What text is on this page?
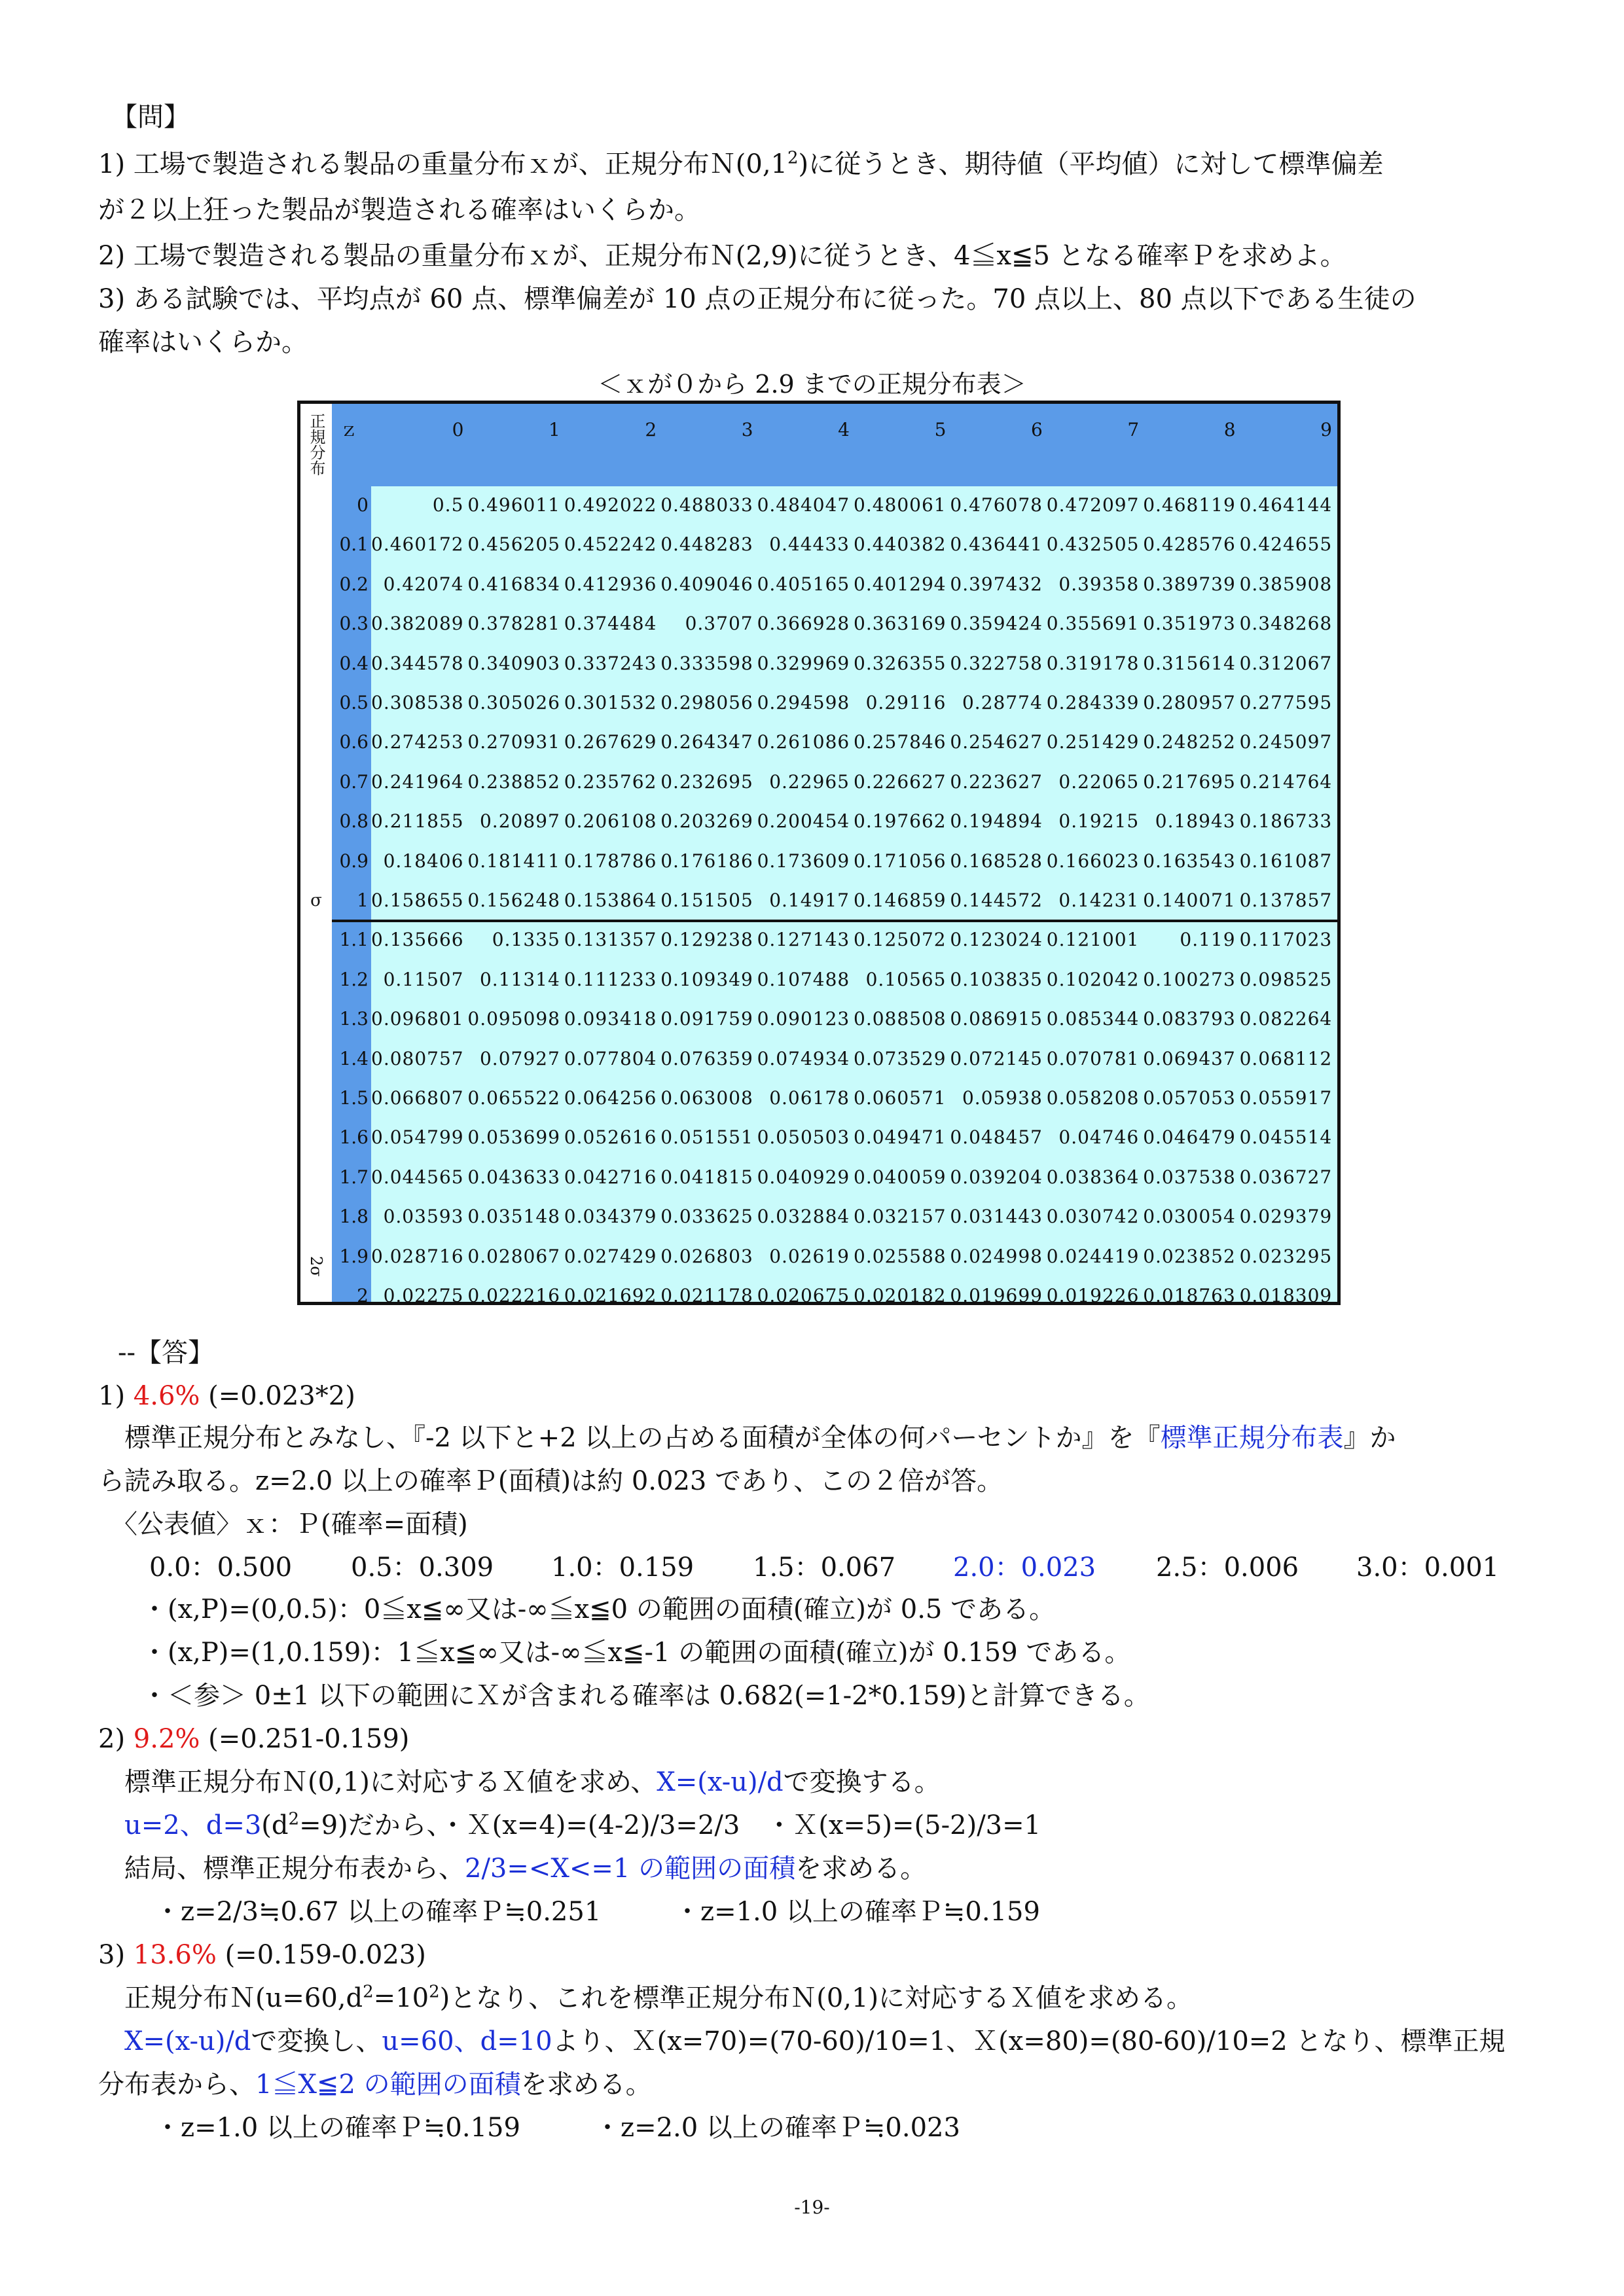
【問】
1) 工場で製造される製品の重量分布ｘが、正規分布$N(0,1^2)$に従うとき、期待値（平均値）に対して標準偏差
が２以上狂った製品が製造される確率はいくらか。
2) 工場で製造される製品の重量分布ｘが、正規分布Ｎ(2,9)に従うとき、4≦x≦5 となる確率Ｐを求めよ。
3) ある試験では、平均点が 60 点、標準偏差が 10 点の正規分布に従った。70 点以上、80 点以下である生徒の
確率はいくらか。
＜ｘが０から 2.9 までの正規分布表＞
正規分布
σ
2σ
ｚ	0	1	2	3	4	5	6	7	8	9
0	0.5 0.496011 0.492022 0.488033 0.484047 0.480061 0.476078 0.472097 0.468119 0.464144
0.1 0.460172 0.456205 0.452242 0.448283 0.44433 0.440382 0.436441 0.432505 0.428576 0.424655
0.2 0.42074 0.416834 0.412936 0.409046 0.405165 0.401294 0.397432 0.39358 0.389739 0.385908
0.3 0.382089 0.378281 0.374484	0.3707 0.366928 0.363169 0.359424 0.355691 0.351973 0.348268
0.4 0.344578 0.340903 0.337243 0.333598 0.329969 0.326355 0.322758 0.319178 0.315614 0.312067
0.5 0.308538 0.305026 0.301532 0.298056 0.294598 0.29116 0.28774 0.284339 0.280957 0.277595
0.6 0.274253 0.270931 0.267629 0.264347 0.261086 0.257846 0.254627 0.251429 0.248252 0.245097
0.7 0.241964 0.238852 0.235762 0.232695 0.22965 0.226627 0.223627 0.22065 0.217695 0.214764
0.8 0.211855 0.20897 0.206108 0.203269 0.200454 0.197662 0.194894 0.19215 0.18943 0.186733
0.9 0.18406 0.181411 0.178786 0.176186 0.173609 0.171056 0.168528 0.166023 0.163543 0.161087
1 0.158655 0.156248 0.153864 0.151505 0.14917 0.146859 0.144572 0.14231 0.140071 0.137857
1.1 0.135666	0.1335 0.131357 0.129238 0.127143 0.125072 0.123024 0.121001	0.119 0.117023
1.2 0.11507 0.11314 0.111233 0.109349 0.107488 0.10565 0.103835 0.102042 0.100273 0.098525
1.3 0.096801 0.095098 0.093418 0.091759 0.090123 0.088508 0.086915 0.085344 0.083793 0.082264
1.4 0.080757 0.07927 0.077804 0.076359 0.074934 0.073529 0.072145 0.070781 0.069437 0.068112
1.5 0.066807 0.065522 0.064256 0.063008 0.06178 0.060571 0.05938 0.058208 0.057053 0.055917
1.6 0.054799 0.053699 0.052616 0.051551 0.050503 0.049471 0.048457 0.04746 0.046479 0.045514
1.7 0.044565 0.043633 0.042716 0.041815 0.040929 0.040059 0.039204 0.038364 0.037538 0.036727
1.8 0.03593 0.035148 0.034379 0.033625 0.032884 0.032157 0.031443 0.030742 0.030054 0.029379
1.9 0.028716 0.028067 0.027429 0.026803 0.02619 0.025588 0.024998 0.024419 0.023852 0.023295
2 0.02275 0.022216 0.021692 0.021178 0.020675 0.020182 0.019699 0.019226 0.018763 0.018309
--【答】
1) 4.6% (=0.023*2)
　標準正規分布とみなし、『-2 以下と+2 以上の占める面積が全体の何パーセントか』を『標準正規分布表』か
ら読み取る。z=2.0 以上の確率Ｐ(面積)は約 0.023 であり、この２倍が答。
〈公表値〉ｘ：Ｐ(確率=面積)
0.0：0.500 0.5：0.309 1.0：0.159 1.5：0.067 2.0：0.023 2.5：0.006 3.0：0.001
・(x,P)=(0,0.5)：0≦x≦∞又は-∞≦x≦0 の範囲の面積(確立)が 0.5 である。
・(x,P)=(1,0.159)：1≦x≦∞又は-∞≦x≦-1 の範囲の面積(確立)が 0.159 である。
・＜参＞ 0±1 以下の範囲にＸが含まれる確率は 0.682(=1-2*0.159)と計算できる。
2) 9.2% (=0.251-0.159)
　標準正規分布Ｎ(0,1)に対応するＸ値を求め、X=(x-u)/dで変換する。
　u=2、$d=3(d^2=9)$だから、・Ｘ(x=4)=(4-2)/3=2/3　・Ｘ(x=5)=(5-2)/3=1
　結局、標準正規分布表から、2/3=<X<=1 の範囲の面積を求める。
・z=2/3≒0.67 以上の確率Ｐ≒0.251	・z=1.0 以上の確率Ｐ≒0.159
3) 13.6% (=0.159-0.023)
　正規分布$N(u=60,d^2=10^2)$となり、これを標準正規分布Ｎ(0,1)に対応するＸ値を求める。
　X=(x-u)/dで変換し、u=60、d=10より、Ｘ(x=70)=(70-60)/10=1、Ｘ(x=80)=(80-60)/10=2 となり、標準正規
分布表から、1≦X≦2 の範囲の面積を求める。
・z=1.0 以上の確率Ｐ≒0.159	・z=2.0 以上の確率Ｐ≒0.023
-19-
